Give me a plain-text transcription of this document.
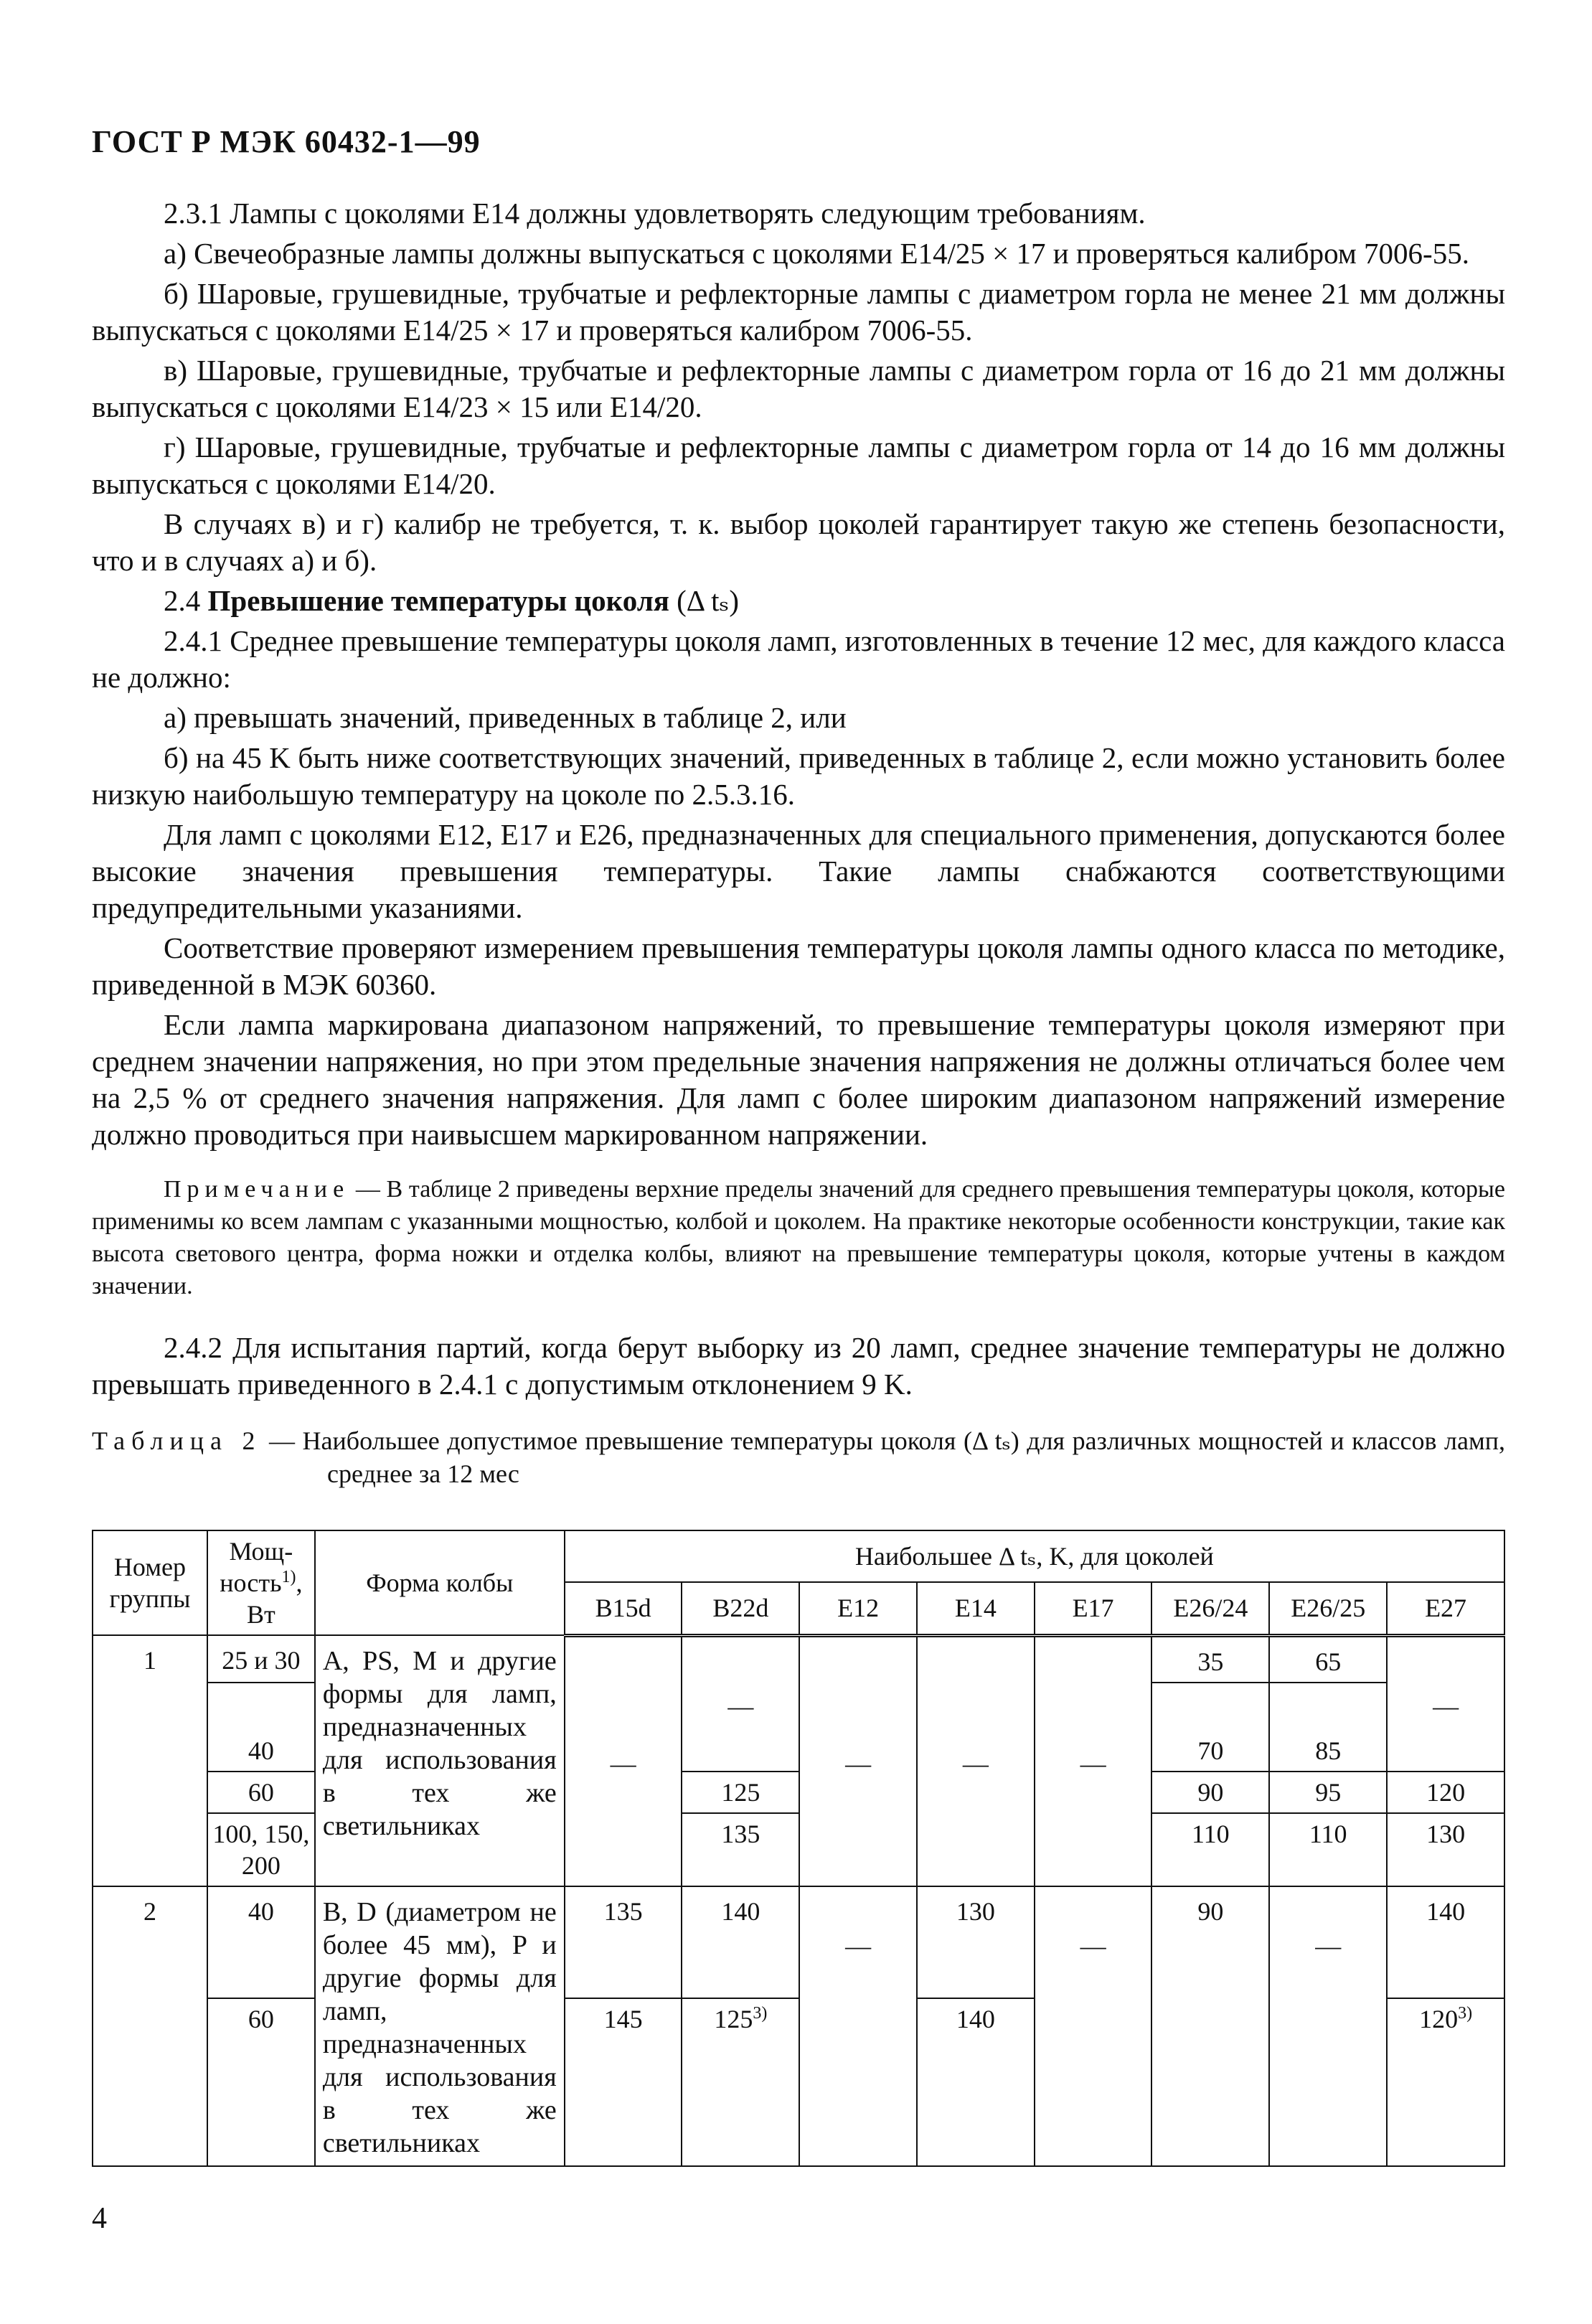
ГОСТ Р МЭК 60432-1—99

2.3.1 Лампы с цоколями E14 должны удовлетворять следующим требованиям.

а) Свечеобразные лампы должны выпускаться с цоколями E14/25 × 17 и проверяться калибром 7006-55.

б) Шаровые, грушевидные, трубчатые и рефлекторные лампы с диаметром горла не менее 21 мм должны выпускаться с цоколями E14/25 × 17 и проверяться калибром 7006-55.

в) Шаровые, грушевидные, трубчатые и рефлекторные лампы с диаметром горла от 16 до 21 мм должны выпускаться с цоколями E14/23 × 15 или E14/20.

г) Шаровые, грушевидные, трубчатые и рефлекторные лампы с диаметром горла от 14 до 16 мм должны выпускаться с цоколями E14/20.

В случаях в) и г) калибр не требуется, т. к. выбор цоколей гарантирует такую же степень безопасности, что и в случаях а) и б).

2.4 Превышение температуры цоколя (Δ tₛ)

2.4.1 Среднее превышение температуры цоколя ламп, изготовленных в течение 12 мес, для каждого класса не должно:

а) превышать значений, приведенных в таблице 2, или

б) на 45 K быть ниже соответствующих значений, приведенных в таблице 2, если можно установить более низкую наибольшую температуру на цоколе по 2.5.3.16.

Для ламп с цоколями E12, E17 и E26, предназначенных для специального применения, допускаются более высокие значения превышения температуры. Такие лампы снабжаются соответствующими предупредительными указаниями.

Соответствие проверяют измерением превышения температуры цоколя лампы одного класса по методике, приведенной в МЭК 60360.

Если лампа маркирована диапазоном напряжений, то превышение температуры цоколя измеряют при среднем значении напряжения, но при этом предельные значения напряжения не должны отличаться более чем на 2,5 % от среднего значения напряжения. Для ламп с более широким диапазоном напряжений измерение должно проводиться при наивысшем маркированном напряжении.

Примечание — В таблице 2 приведены верхние пределы значений для среднего превышения температуры цоколя, которые применимы ко всем лампам с указанными мощностью, колбой и цоколем. На практике некоторые особенности конструкции, такие как высота светового центра, форма ножки и отделка колбы, влияют на превышение температуры цоколя, которые учтены в каждом значении.

2.4.2 Для испытания партий, когда берут выборку из 20 ламп, среднее значение температуры не должно превышать приведенного в 2.4.1 с допустимым отклонением 9 K.

Таблица 2 — Наибольшее допустимое превышение температуры цоколя (Δ tₛ) для различных мощностей и классов ламп, среднее за 12 мес

Номер группы	Мощ-ность$^{1)}$, Вт	Форма колбы	Наибольшее Δ tₛ, K, для цоколей							
			B15d	B22d	E12	E14	E17	E26/24	E26/25	E27
1	25 и 30	A, PS, M и другие формы для ламп, предназначенных для использования в тех же светильниках	—	—	—	—	—	35	65	—
	40							70	85	
	60			125				90	95	120
	100, 150, 200			135				110	110	130
2	40	B, D (диаметром не более 45 мм), P и другие формы для ламп, предназначенных для использования в тех же светильниках	135	140	—	130	—	90	—	140
	60		145	125$^{3)}$		140				120$^{3)}$
4
